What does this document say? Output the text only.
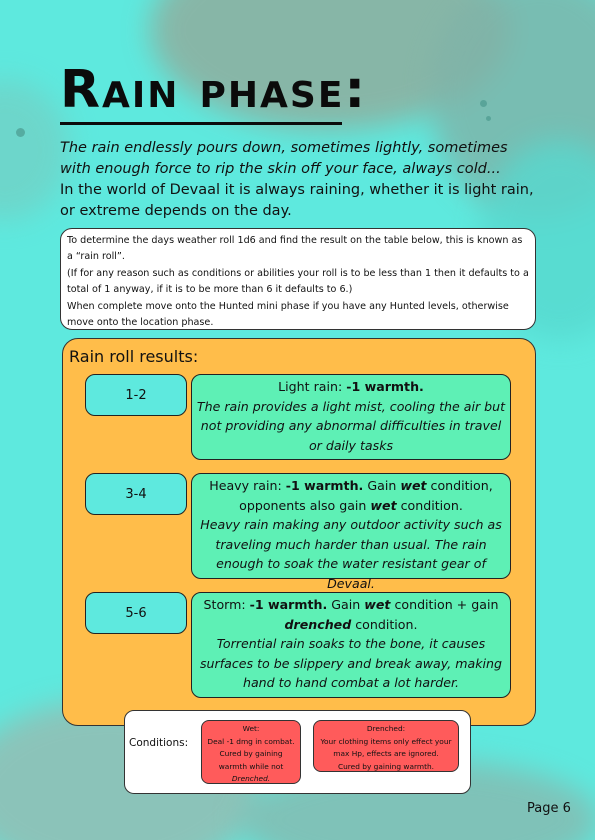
Rain phase:

The rain endlessly pours down, sometimes lightly, sometimes with enough force to rip the skin off your face, always cold...

In the world of Devaal it is always raining, whether it is light rain, or extreme depends on the day.

To determine the days weather roll 1d6 and find the result on the table below, this is known as a “rain roll”.

(If for any reason such as conditions or abilities your roll is to be less than 1 then it defaults to a total of 1 anyway, if it is to be more than 6 it defaults to 6.)

When complete move onto the Hunted mini phase if you have any Hunted levels, otherwise move onto the location phase.

Rain roll results:

1-2

Light rain: -1 warmth.

The rain provides a light mist, cooling the air but not providing any abnormal difficulties in travel or daily tasks

3-4

Heavy rain: -1 warmth. Gain wet condition, opponents also gain wet condition.

Heavy rain making any outdoor activity such as traveling much harder than usual. The rain enough to soak the water resistant gear of Devaal.

5-6

Storm: -1 warmth. Gain wet condition + gain drenched condition.

Torrential rain soaks to the bone, it causes surfaces to be slippery and break away, making hand to hand combat a lot harder.

Conditions:

Wet:

Deal -1 dmg in combat.

Cured by gaining

warmth while not

Drenched.

Drenched:

Your clothing items only effect your

max Hp, effects are ignored.

Cured by gaining warmth.

Page 6
